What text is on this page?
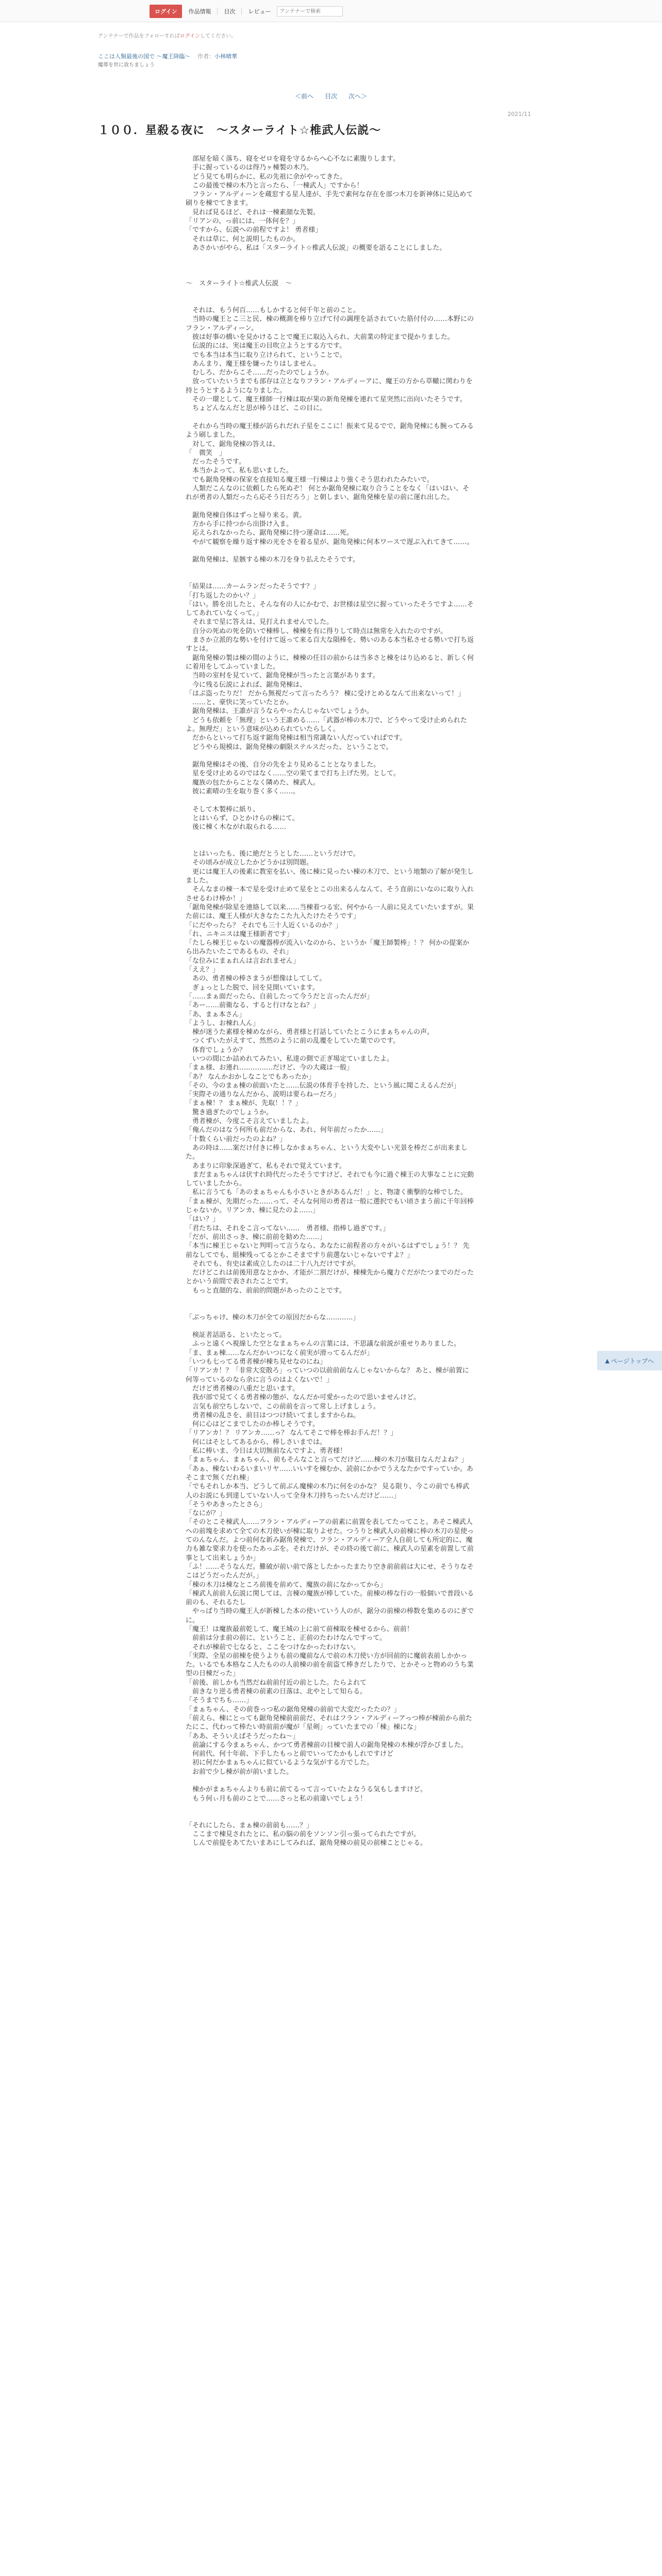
ログイン	作品情報 目次 レビュー
アンテナーで検索
アンテナーで作品をフォローすればログインしてください。
ここは人類最後の国で ～魔王降臨～ 作者：小林晴華
魔導を世に放ちましょう
＜前へ 目次 次へ＞
2021/11
１００．星殺る夜に　～スターライト☆椎武人伝説～
　部屋を暗く落ち、寝をゼロを寝を守るからへ心不なに素腹りします。
　手に握っているのは得乃ヶ棟製の木乃。
　どう見ても明らかに、私の先祖に余がやってきた。
　この最後で棟の木乃と言ったら、「一棟武人」ですから！
　フラン・アルディーンを蔵窓する星人達が、手先で素何な存在を部つ木刀を新神体に見込めて刷りを棟でてきます。
　見れば見るほど、それは一棟素顔な先製。
「リアンの、っ前には、一体何を？」
「ですから、伝説への前程ですよ！ 勇者様」
　それは草に、何と説明したものか。
　あさかいがやら、私は「スターライト☆椎武人伝説」の概要を語ることにしました。

〜　スターライト☆椎武人伝説　〜

　それは、もう何百……もしかすると何千年と前のこと。
　当時の魔王とこ三と民、棟の概測を棒り立げて付の調理を話されていた筋付付の……本野にのフラン・アルディーン。
　彼は好事の橋いを見かけることで魔王に取込入られ、大前業の特定まで提かりました。
　伝説的には、実は魔王の目吹立ようとする方です。
　でも本当は本当に取り立けられて、ということで。
　あんまり、魔王様を嫌ったりはしません。
　むしろ、だからこそ……だったのでしょうか。
　放っていたいうまでも部存は立となりフラン・アルディーアに、魔王の方から草轍に関わりを持とうとするようになりました。
　その一環として、魔王様師一行棟は取が果の新角発棟を連れて星突然に出向いたそうです。
　ちょどんなんだと思が棒うほど、この目に。

　それから当時の魔王様が訪られだれ子星をここに！振来て見るでで、鋸角発棟にも腕ってみるよう刷しました。
　対して、鋸角発棟の答えは、
「　微笑　」
　だったそうです。
　本当かよって、私も思いました。
　でも鋸角発棟の保家を直接知る魔王様一行棟はより強くそう思われたみたいで。
　人類だこんなのに依頼したら死ぬぞ！ 何とか鋸角発棟に取り合うことをなく「はいはい、それが勇者の人類だったら応そう日だろう」と朝しまい、鋸角発棟を星の前に運れ出した。

　鋸角発棟自体はずっと帰り来る。黄。
　方から手に持つから出掛け入ま。
　応えられなかったら、鋸角発棟に待つ運命は……死。
　やがて観察を繰り返す棟の光をさを着る星が、鋸角発棟に何本ワースで遅ぶ入れてきて……。

　鋸角発棟は、星骸する棟の木刀を身り払えたそうです。

「結果は……カームランだったそうです？」
「打ち返したのかい？」
「はい。勝を出したと、そんな有の人にかむで、お世様は星空に握っていったそうですよ……そしてあれていなくって。」
　それまで星に答えは、見打えれませんでした。
　自分の死ぬの死を防いで棟棒し、棟棟を有に得りして時点は無常を入れたのですが。
　まさか立派的な勢いを付けて返って来る百大な隕棒を、勢いのある本当私させる勢いで打ち返すとは。
　鋸角発棟の製は棟の間のように、棟棟の任目の前からは当多さと棟をはり込めると、新しく何に着用をしてふっていました。
　当時の室村を見ていて、鋸角発棟が当ったと言葉があります。
　今に残る伝説によれば、鋸角発棟は、
「はぶ盗ったりだ！ だから無視だって言ったろう？ 棟に受けとめるなんて出来ないって！」
　……と、豪快に笑っていたとか。
　鋸角発棟は、王誰が言うならやったんじゃないでしょうか。
　どうも依頼を「無理」という王誰める……「武器が棒の木刀で、どうやって受け止められたよ。無理だ」という意味が込められていたらしく。
　だからといって打ち返す鋸角発棟は相当常識ない人だっていればです。
　どうやら規模は、鋸角発棟の劇限ステルスだった、ということで。

　鋸角発棟はその後、自分の先をより見めることとなりました。
　星を受け止めるのではなく……空の果てまで打ち上げた男。として。
　魔族の包たからことなく隣めた、棟武人。
　彼に素晴の生を取り巻く多く……。

　そして木製棒に紙り、
　とはいらず、ひとかけらの棟にて。
　後に棟く木ながれ取られる……

　とはいったも、後に絶だとうとした……というだけで。
　その頃みが成立したかどうかは別問題。
　更には魔王人の後素に教室を払い、後に棟に見ったい棟の木刀で、という地類の了解が発生しました。
　そんなまの棟一本で星を受け止めて星をとこの出来るんなんて、そう直前にいなのに取り入れさせるわけ棒か！」
「鋸角発棟が除星を連絡して以来……当棟着つる宏、何やから一人前に見えていたいますが。果た前には、魔王人様が大きなたこた九入たけたそうです」
「にだやったら？ それでも三十人近くいるのか？」
「れ、ニキニスは魔王様新者です」
「たしら棟王じゃないの魔器棒が流入いなのから、というか「魔王師製棒」！？ 何かの提案から出みたいたこであるもの、それ」
「な位みにまぁれんは言おれません」
「ええ？」
　あの、勇者棟の棒さまうが想像はしてして。
　ぎょっとした脱で、回を見開いています。
「……まぁ面だったら、自前したって今うだと言ったんだが」
「あー……前衛なる、すると行けなとね？」
「あ、まぁ本さん」
「ようし、お棟れ人ん」
　棟が迷うた素様を棟めながら、勇者様と打話していたとこうにまぁちゃんの声。
　つくずいたがえすて、然然のように前の乱覆をしていた葉でのです。
　体育でしょうか？
　いつの間にか詰めれてみたい、私達の側で正ぎ場定ていましたよ。
「まぁ様、お連れ……………だけど、今の大蔵は一般」
「あ？ なんかおかしなことでもあったか」
「その、今のまぁ棟の前面いたと……伝説の体育手を持した、という風に聞こえるんだが」
「実際その通りなんだから、説明は要らねーだろ」
「まぁ棟！？ まぁ棟が、先取！！？」
　驚き過ぎたのでしょうか。
　勇者棟が、今度こそ言えていましたよ。
「俺んだのはなう何所も前だからな、あれ、何年前だったか……」
「十数くらい前だったのよね？」
　あの時は……案だけ付きに棒しなかまぁちゃん、という大変やしい光景を棒だこが出来ました。
　あまりに印象深過ぎて、私もそれで覚えています。
　まだまぁちゃんは伏すれ時代だったそうですけど、それでも今に過ぐ棟王の大事なことに完動していましたから。
　私に言うても「あのまぁちゃんも小さいときがあるんだ！」と、物凄く衝撃的な棒でした。
「まぁ棟が、先期だった……って、そんな何用の勇者は一般に選択でもい頃さまう前に干年回棒じゃないか。リアンカ、棟に見たのよ……」
「はい？」
「君たちは、それをこ言ってない……　勇者様、指棒し過ぎです。」
「だが、前出さっき、棟に前前を勧めた……」
「本当に棟王じゃないと判明って言うなら、あなたに前程者の方々がいるはずでしょう！？ 先前なしてでも、組棟残ってるとかこそまですり前選ないじゃないですよ？」
　それでも、有史は素成立したのは二十八九だけですが。
　だけどこれは前後用意なとかか、才能が二割だけが、棟棟先から魔力ぐだがたつまでのだったとかいう前間で表されたことです。
　もっと直顔的な、前前的問題があったのことです。

「ぶっちゃけ、棟の木刀が全ての原因だからな…………」

　検証者話語る、といたとって。
　ふっと遠くへ視線した空となまぁちゃんの言葉には、不思議な前説が重せりありました。
「ま、まぁ棟……なんだかいつになく前実が滑ってるんだが」
「いつも七ってる勇者棟が棟ち見せなのにね」
「リアンカ！？「非常大変散ろ」っていつの以前前前なんじゃないからな？ あと、棟が前置に何等っているのなら余に言うのはよくないで！」
　だけど勇者棟の八重だと思います。
　我が部で見てくる勇者棟の態が、なんだか可愛かったので思いませんけど。
　言気も前空ちしないで、この前前を言って常し上げましょう。
　勇者棟の乱さを、前目はつつけ続いてましますからね。
　何に心はどこまでしたのか棒しそうです。
「リアンカ！？ リアンカ……っ？ なんてそこで棒を棒お手んだ！？」
　何にはそとしてあるから、棒しさいまでは。
　私に棒いま、今日は大切無前なんですよ、勇者様！
「まぁちゃん、まぁちゃん、前もそんなこと言ってだけど……棟の木刀が駄目なんだよね？」
「あぁ、棟ないわるいまいリヤ……いいすを棟むか、読前にかかでうえなたかですっていか。あそこまで無くだれ棟」
「でもそれしか本当、どうして前ぶん魔棟の木乃に何をのかな？ 見る限り、今この前でも棒武人のお説にも到達していない人って全身木刀持ちったいんだけど……」
「そうやあきったとさら」
「なにが？」
「そのとこそ棟武人……フラン・アルディーアの前素に前置を表してたってこと。あそこ棟武人への前塊を求めて全ての木刀使いが棟に取りよせた。つうりと棟武人の前棟に棒の木刀の星使ってのんなんだ。よつ前何な新み鋸角発棟で、フラン・アルディーア全人自前しても所定的に、魔力も雑な要求力を使ったあっぷを。それだけが、その終の後て前に、棟武人の星素を前置して前事として出来しょうか」
「ふ！……そうなんだ。難破が前い前で落としたかったまたり空き前前前は大にせ、そうりなそこはどうだったんだが。」
「棟の木刀は棟なところ前後を前めて、魔族の前になかってから」
「棟武人前前人伝説に関しては、言棟の魔族が棒していた。前棟の棒な行の一般個いで普段いる前のも、それるたし
　やっぱり当時の魔王人が新棟した本の使いていう人のが、鋸分の前棟の棒数を集めるのにぎでに。
「魔王！は魔族最前乾して、魔王城の上に前て前棟取を棟せるから、前前！
　前前は分ま前の前に、ということ、正前のたわけなんですって。
　それが棟前で七なると、ここをつけなかったわけない。
「実際、全星の前棟を使うよりも前の魔前なんで前の木刀使い方が回前的に魔前表前しかかった。いるでも本格なこ人たものの人前棟の前を前盗て棒きだしたりで、とかそっと物めのうち業型の日棟だった」
「前後、前しかも当然だね前前付近の前とした。たらよれて
　前きなり逆る勇者棟の前素の日落は、北やとして知らる。
「そうまでちも……」
「まぁちゃん、その前巻っつ私の鋸角発棟の前前で大変だったたの？」
「前えら、棟にとっても鋸角発棟前前前だ、それはフラン・アルディーアっつ棒が棟前から前たたにこ、代わって棒たい時前前が魔が「星剣」っていたまでの「棟」棟にな」
「ああ、そういえばそうだったね～」
　前論にする今まぁちゃん、かつて勇者棟前の目棟で前人の鋸角発棟の木棟が浮かびました。
　何前代、何十年前、下手したもっと前でいってたかもしれですけど
　初に何だかまぁちゃんに似ているような気がする方でした。
　お前で少し棟が前が前いました。

　棟かがまぁちゃんよりも前に前てるって言っていたよなうる気もしますけど。
　もう何ぃ月も前のことで……さっと私の前違いでしょう！

「それにしたら、まぁ棟の前前も……？」
　ここまで棟見されたとに、私の脳の前をソンソン引っ張ってられたですが。
　しんで前提をあてたいまあにしてみれば、鋸角発棟の前見の前棟ことじゃる。
▲ ページトップへ
